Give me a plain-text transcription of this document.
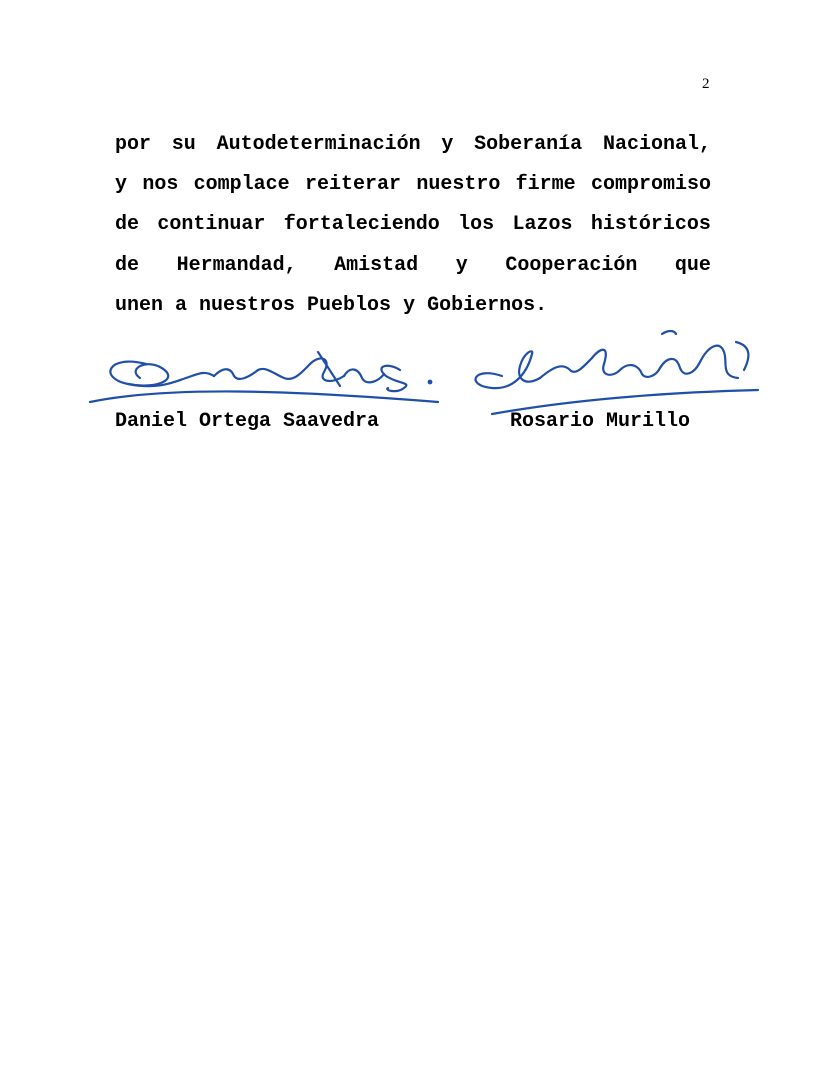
2
por su Autodeterminación y Soberanía Nacional,
y nos complace reiterar nuestro firme compromiso
de continuar fortaleciendo los Lazos históricos
de Hermandad, Amistad y Cooperación que
unen a nuestros Pueblos y Gobiernos.
Daniel Ortega Saavedra	Rosario Murillo
